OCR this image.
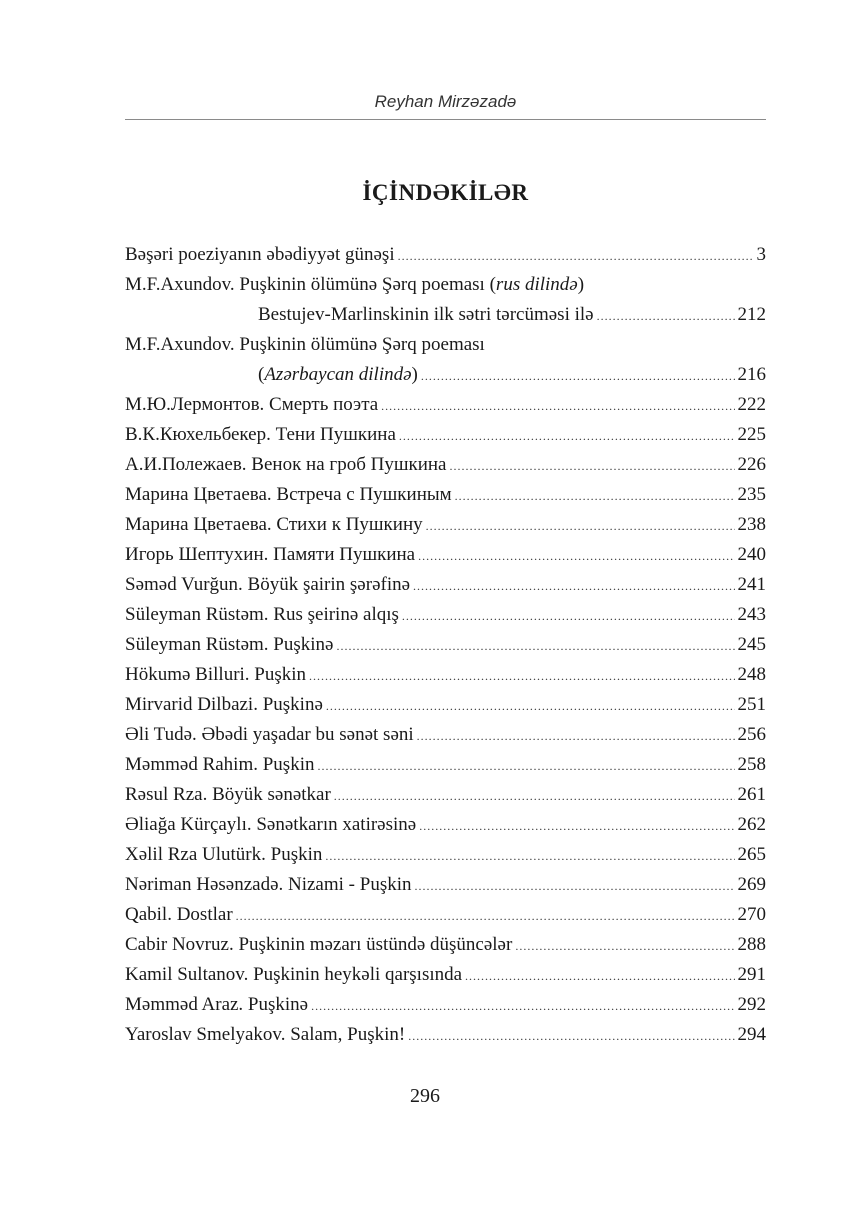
Reyhan Mirzəzadə
İÇİNDƏKİLƏR
Bəşəri poeziyanın əbədiyyət günəşi .....	3
M.F.Axundov. Puşkinin ölümünə Şərq poeması (rus dilində)
Bestujev-Marlinskinin ilk sətri tərcüməsi ilə .....	212
M.F.Axundov. Puşkinin ölümünə Şərq poeması
(Azərbaycan dilində) .....	216
М.Ю.Лермонтов. Смерть поэта .....	222
В.К.Кюхельбекер. Тени Пушкина .....	225
А.И.Полежаев. Венок на гроб Пушкина .....	226
Марина Цветаева. Встреча с Пушкиным .....	235
Марина Цветаева. Стихи к Пушкину .....	238
Игорь Шептухин. Памяти Пушкина .....	240
Səməd Vurğun. Böyük şairin şərəfinə .....	241
Süleyman Rüstəm. Rus şeirinə alqış .....	243
Süleyman Rüstəm. Puşkinə .....	245
Hökumə Billuri. Puşkin .....	248
Mirvarid Dilbazi. Puşkinə .....	251
Əli Tudə. Əbədi yaşadar bu sənət səni .....	256
Məmməd Rahim. Puşkin .....	258
Rəsul Rza. Böyük sənətkar .....	261
Əliağa Kürçaylı. Sənətkarın xatirəsinə .....	262
Xəlil Rza Ulutürk. Puşkin .....	265
Nəriman Həsənzadə. Nizami - Puşkin .....	269
Qabil. Dostlar .....	270
Cabir Novruz. Puşkinin məzarı üstündə düşüncələr .....	288
Kamil Sultanov. Puşkinin heykəli qarşısında .....	291
Məmməd Araz. Puşkinə .....	292
Yaroslav Smelyakov. Salam, Puşkin! .....	294
296
